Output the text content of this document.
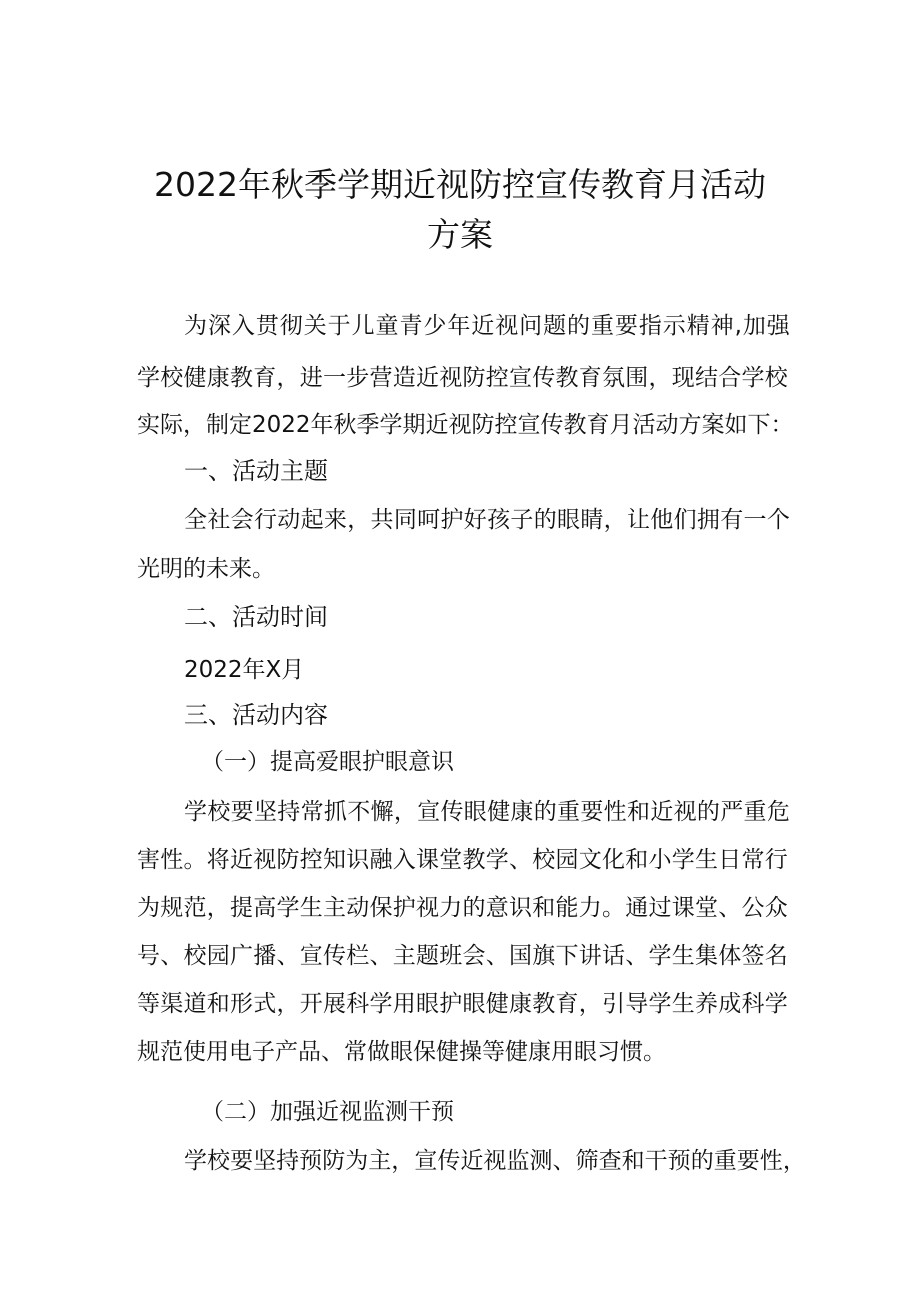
2022年秋季学期近视防控宣传教育月活动
方案
为 深 入 贯 彻 关 于 儿 童 青 少 年 近 视 问 题 的 重 要 指 示 精 神 , 加 强
学 校 健 康 教 育 ， 进 一 步 营 造 近 视 防 控 宣 传 教 育 氛 围 ， 现 结 合 学 校
实 际 ， 制 定 2022 年 秋 季 学 期 近 视 防 控 宣 传 教 育 月 活 动 方 案 如 下 ：
一、活动主题
全 社 会 行 动 起 来 ， 共 同 呵 护 好 孩 子 的 眼 睛 ， 让 他 们 拥 有 一 个
光明的未来。
二、活动时间
2022年X月
三、活动内容
（一）提高爱眼护眼意识
学 校 要 坚 持 常 抓 不 懈 ， 宣 传 眼 健 康 的 重 要 性 和 近 视 的 严 重 危
害 性 。 将 近 视 防 控 知 识 融 入 课 堂 教 学 、 校 园 文 化 和 小 学 生 日 常 行
为 规 范 ， 提 高 学 生 主 动 保 护 视 力 的 意 识 和 能 力 。 通 过 课 堂 、 公 众
号 、 校 园 广 播 、 宣 传 栏 、 主 题 班 会 、 国 旗 下 讲 话 、 学 生 集 体 签 名
等 渠 道 和 形 式 ， 开 展 科 学 用 眼 护 眼 健 康 教 育 ， 引 导 学 生 养 成 科 学
规范使用电子产品、常做眼保健操等健康用眼习惯。
（二）加强近视监测干预
学 校 要 坚 持 预 防 为 主 ， 宣 传 近 视 监 测 、 筛 查 和 干 预 的 重 要 性 ，
